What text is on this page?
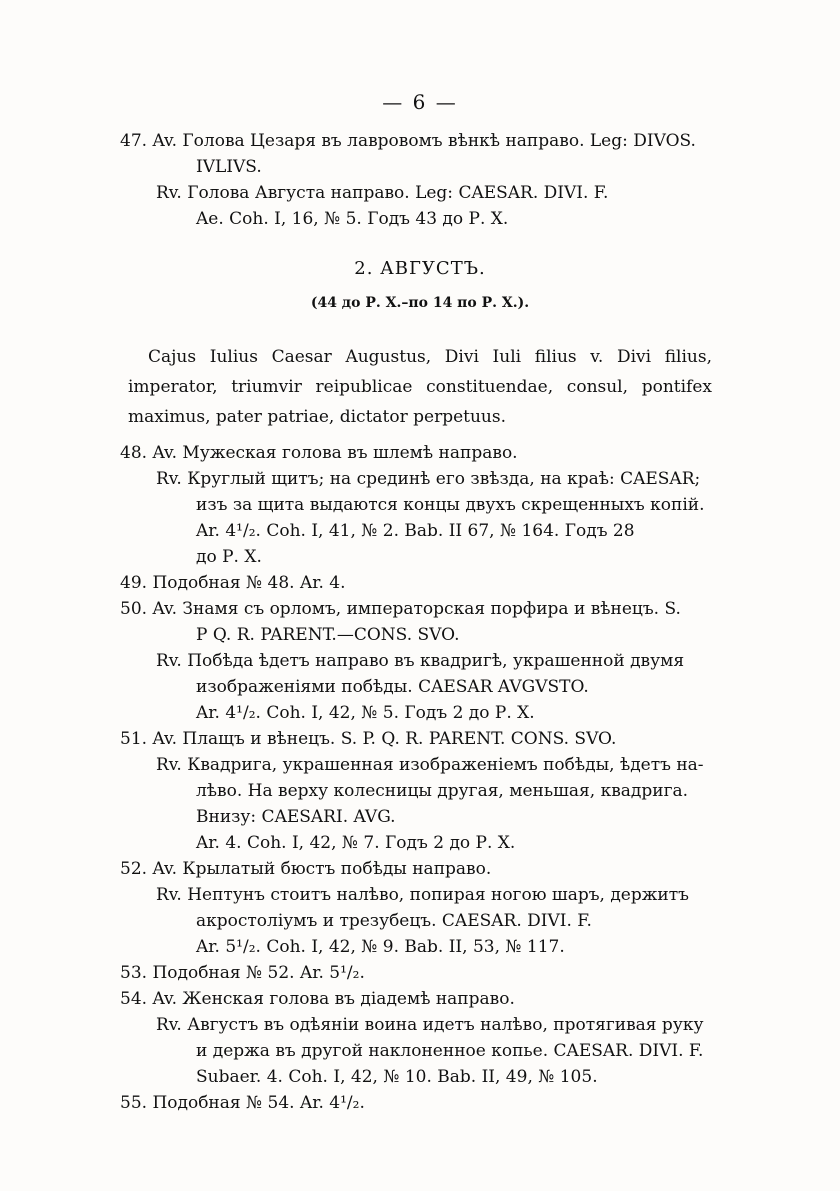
— 6 —
47. Av. Голова Цезаря въ лавровомъ вѣнкѣ направо. Leg: DIVOS.
IVLIVS.
Rv. Голова Августа направо. Leg: CAESAR. DIVI. F.
Ae. Coh. I, 16, № 5. Годъ 43 до Р. X.
2. АВГУСТЪ.
(44 до Р. X.–по 14 по Р. X.).
Cajus Iulius Caesar Augustus, Divi Iuli filius v. Divi filius, imperator, triumvir reipublicae constituendae, consul, pontifex maximus, pater patriae, dictator perpetuus.
48. Av. Мужеская голова въ шлемѣ направо.
Rv. Круглый щитъ; на срединѣ его звѣзда, на краѣ: CAESAR;
изъ за щита выдаются концы двухъ скрещенныхъ копій.
Ar. 4¹/₂. Coh. I, 41, № 2. Bab. II 67, № 164. Годъ 28
до Р. X.
49. Подобная № 48. Ar. 4.
50. Av. Знамя съ орломъ, императорская порфира и вѣнецъ. S.
P Q. R. PARENT.—CONS. SVO.
Rv. Побѣда ѣдетъ направо въ квадригѣ, украшенной двумя
изображеніями побѣды. CAESAR AVGVSTO.
Ar. 4¹/₂. Coh. I, 42, № 5. Годъ 2 до Р. X.
51. Av. Плащъ и вѣнецъ. S. P. Q. R. PARENT. CONS. SVO.
Rv. Квадрига, украшенная изображеніемъ побѣды, ѣдетъ на-
лѣво. На верху колесницы другая, меньшая, квадрига.
Внизу: CAESARI. AVG.
Ar. 4. Coh. I, 42, № 7. Годъ 2 до Р. X.
52. Av. Крылатый бюстъ побѣды направо.
Rv. Нептунъ стоитъ налѣво, попирая ногою шаръ, держитъ
акростоліумъ и трезубецъ. CAESAR. DIVI. F.
Ar. 5¹/₂. Coh. I, 42, № 9. Bab. II, 53, № 117.
53. Подобная № 52. Ar. 5¹/₂.
54. Av. Женская голова въ діадемѣ направо.
Rv. Августъ въ одѣяніи воина идетъ налѣво, протягивая руку
и держа въ другой наклоненное копье. CAESAR. DIVI. F.
Subaer. 4. Coh. I, 42, № 10. Bab. II, 49, № 105.
55. Подобная № 54. Ar. 4¹/₂.
